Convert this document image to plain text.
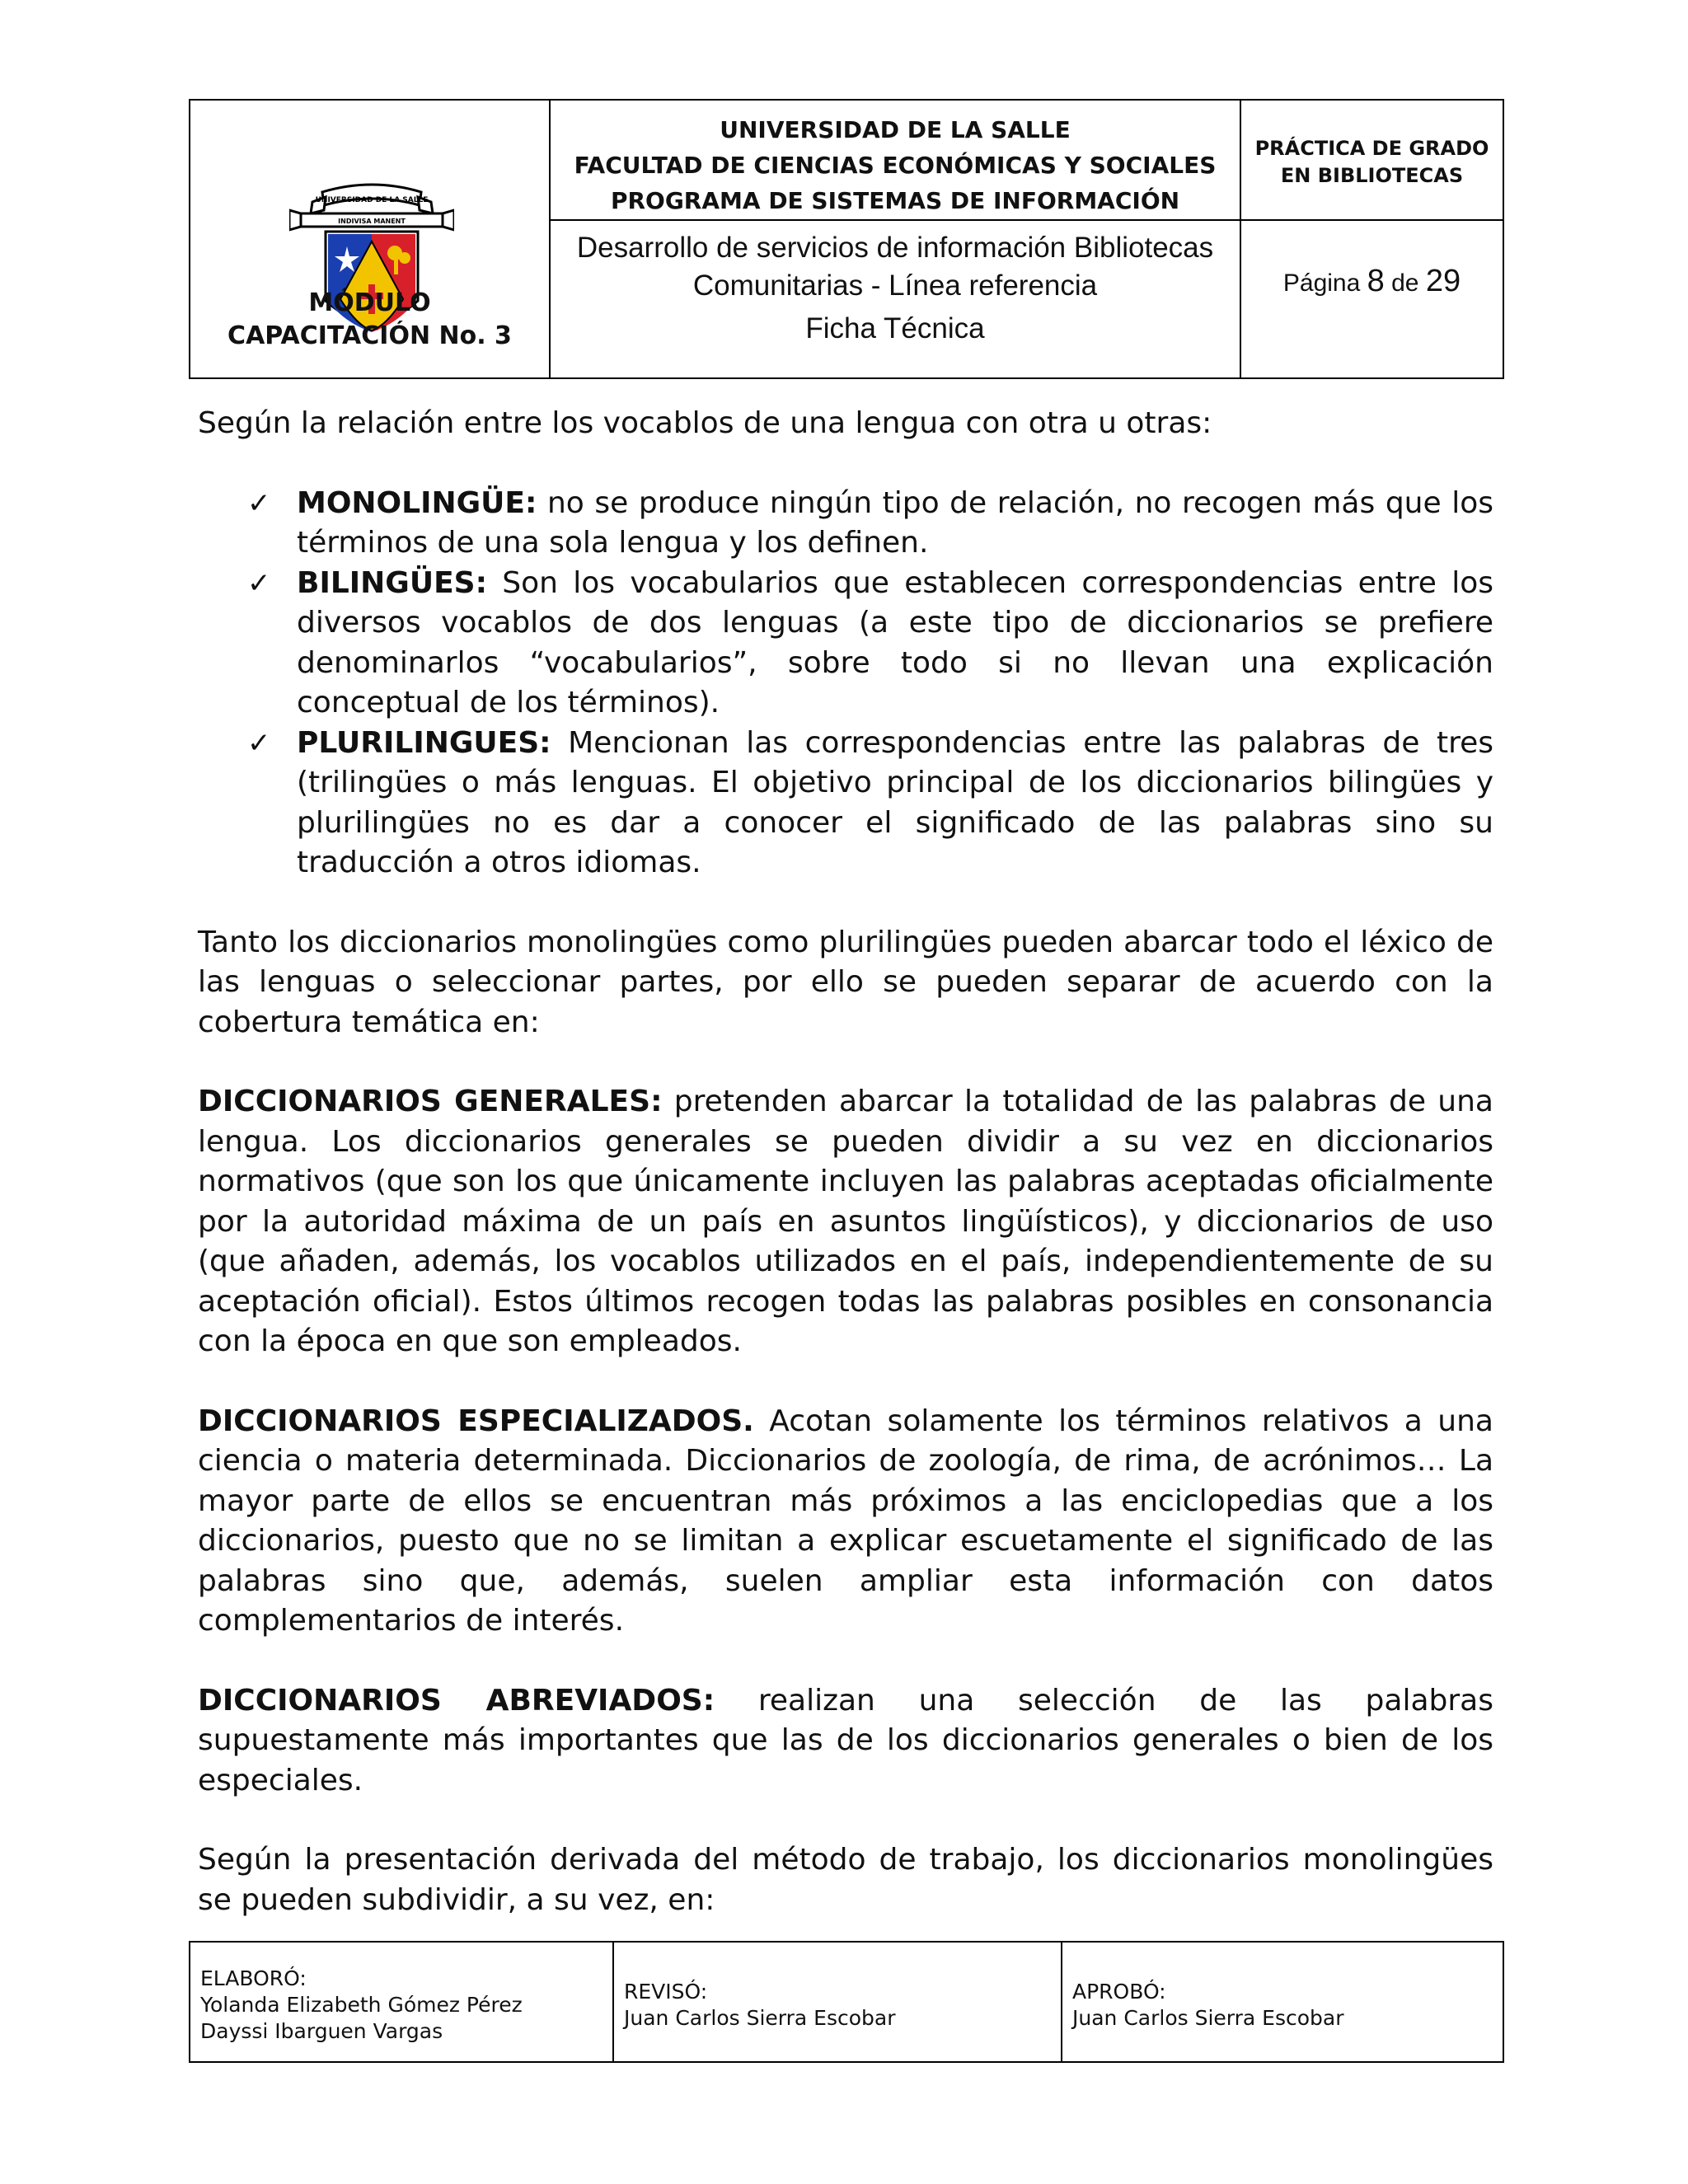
UNIVERSIDAD DE LA SALLE
INDIVISA MANENT
MÓDULO
CAPACITACIÓN No. 3
UNIVERSIDAD DE LA SALLE
FACULTAD DE CIENCIAS ECONÓMICAS Y SOCIALES
PROGRAMA DE SISTEMAS DE INFORMACIÓN
Desarrollo de servicios de información Bibliotecas
Comunitarias - Línea referencia
Ficha Técnica
PRÁCTICA DE GRADO
EN BIBLIOTECAS
Página 8 de 29

Según la relación entre los vocablos de una lengua con otra u otras:

✓ MONOLINGÜE: no se produce ningún tipo de relación, no recogen más que los términos de una sola lengua y los definen.
✓ BILINGÜES: Son los vocabularios que establecen correspondencias entre los diversos vocablos de dos lenguas (a este tipo de diccionarios se prefiere denominarlos “vocabularios”, sobre todo si no llevan una explicación conceptual de los términos).
✓ PLURILINGUES: Mencionan las correspondencias entre las palabras de tres (trilingües o más lenguas. El objetivo principal de los diccionarios bilingües y plurilingües no es dar a conocer el significado de las palabras sino su traducción a otros idiomas.

Tanto los diccionarios monolingües como plurilingües pueden abarcar todo el léxico de las lenguas o seleccionar partes, por ello se pueden separar de acuerdo con la cobertura temática en:

DICCIONARIOS GENERALES: pretenden abarcar la totalidad de las palabras de una lengua. Los diccionarios generales se pueden dividir a su vez en diccionarios normativos (que son los que únicamente incluyen las palabras aceptadas oficialmente por la autoridad máxima de un país en asuntos lingüísticos), y diccionarios de uso (que añaden, además, los vocablos utilizados en el país, independientemente de su aceptación oficial). Estos últimos recogen todas las palabras posibles en consonancia con la época en que son empleados.

DICCIONARIOS ESPECIALIZADOS. Acotan solamente los términos relativos a una ciencia o materia determinada. Diccionarios de zoología, de rima, de acrónimos… La mayor parte de ellos se encuentran más próximos a las enciclopedias que a los diccionarios, puesto que no se limitan a explicar escuetamente el significado de las palabras sino que, además, suelen ampliar esta información con datos complementarios de interés.

DICCIONARIOS ABREVIADOS: realizan una selección de las palabras supuestamente más importantes que las de los diccionarios generales o bien de los especiales.

Según la presentación derivada del método de trabajo, los diccionarios monolingües se pueden subdividir, a su vez, en:

ELABORÓ:
Yolanda Elizabeth Gómez Pérez
Dayssi Ibarguen Vargas
REVISÓ:
Juan Carlos Sierra Escobar
APROBÓ:
Juan Carlos Sierra Escobar
